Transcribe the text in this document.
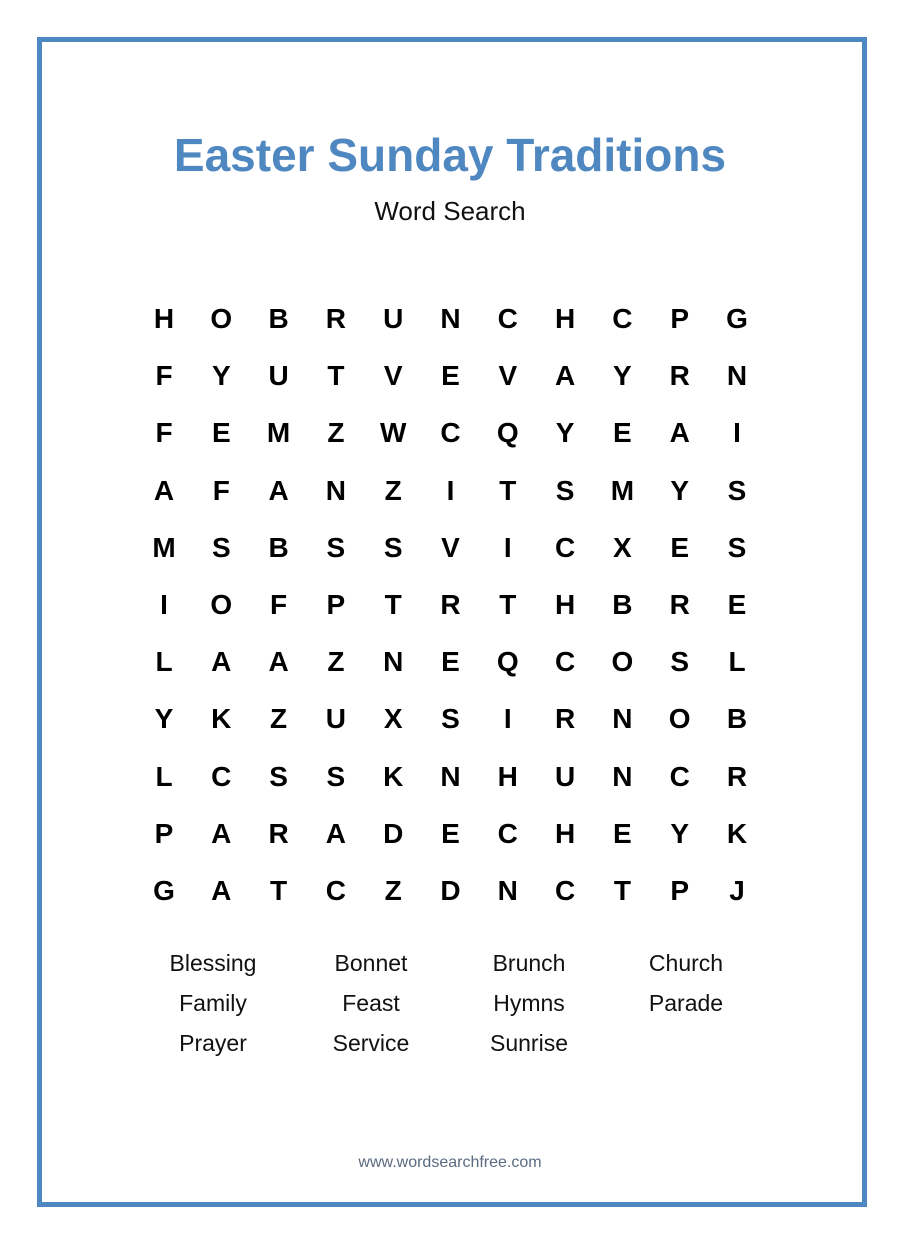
Easter Sunday Traditions
Word Search
H	O	B	R	U	N	C	H	C	P	G
F	Y	U	T	V	E	V	A	Y	R	N
F	E	M	Z	W	C	Q	Y	E	A	I
A	F	A	N	Z	I	T	S	M	Y	S
M	S	B	S	S	V	I	C	X	E	S
I	O	F	P	T	R	T	H	B	R	E
L	A	A	Z	N	E	Q	C	O	S	L
Y	K	Z	U	X	S	I	R	N	O	B
L	C	S	S	K	N	H	U	N	C	R
P	A	R	A	D	E	C	H	E	Y	K
G	A	T	C	Z	D	N	C	T	P	J
Blessing	Bonnet	Brunch	Church
Family	Feast	Hymns	Parade
Prayer	Service	Sunrise
www.wordsearchfree.com
